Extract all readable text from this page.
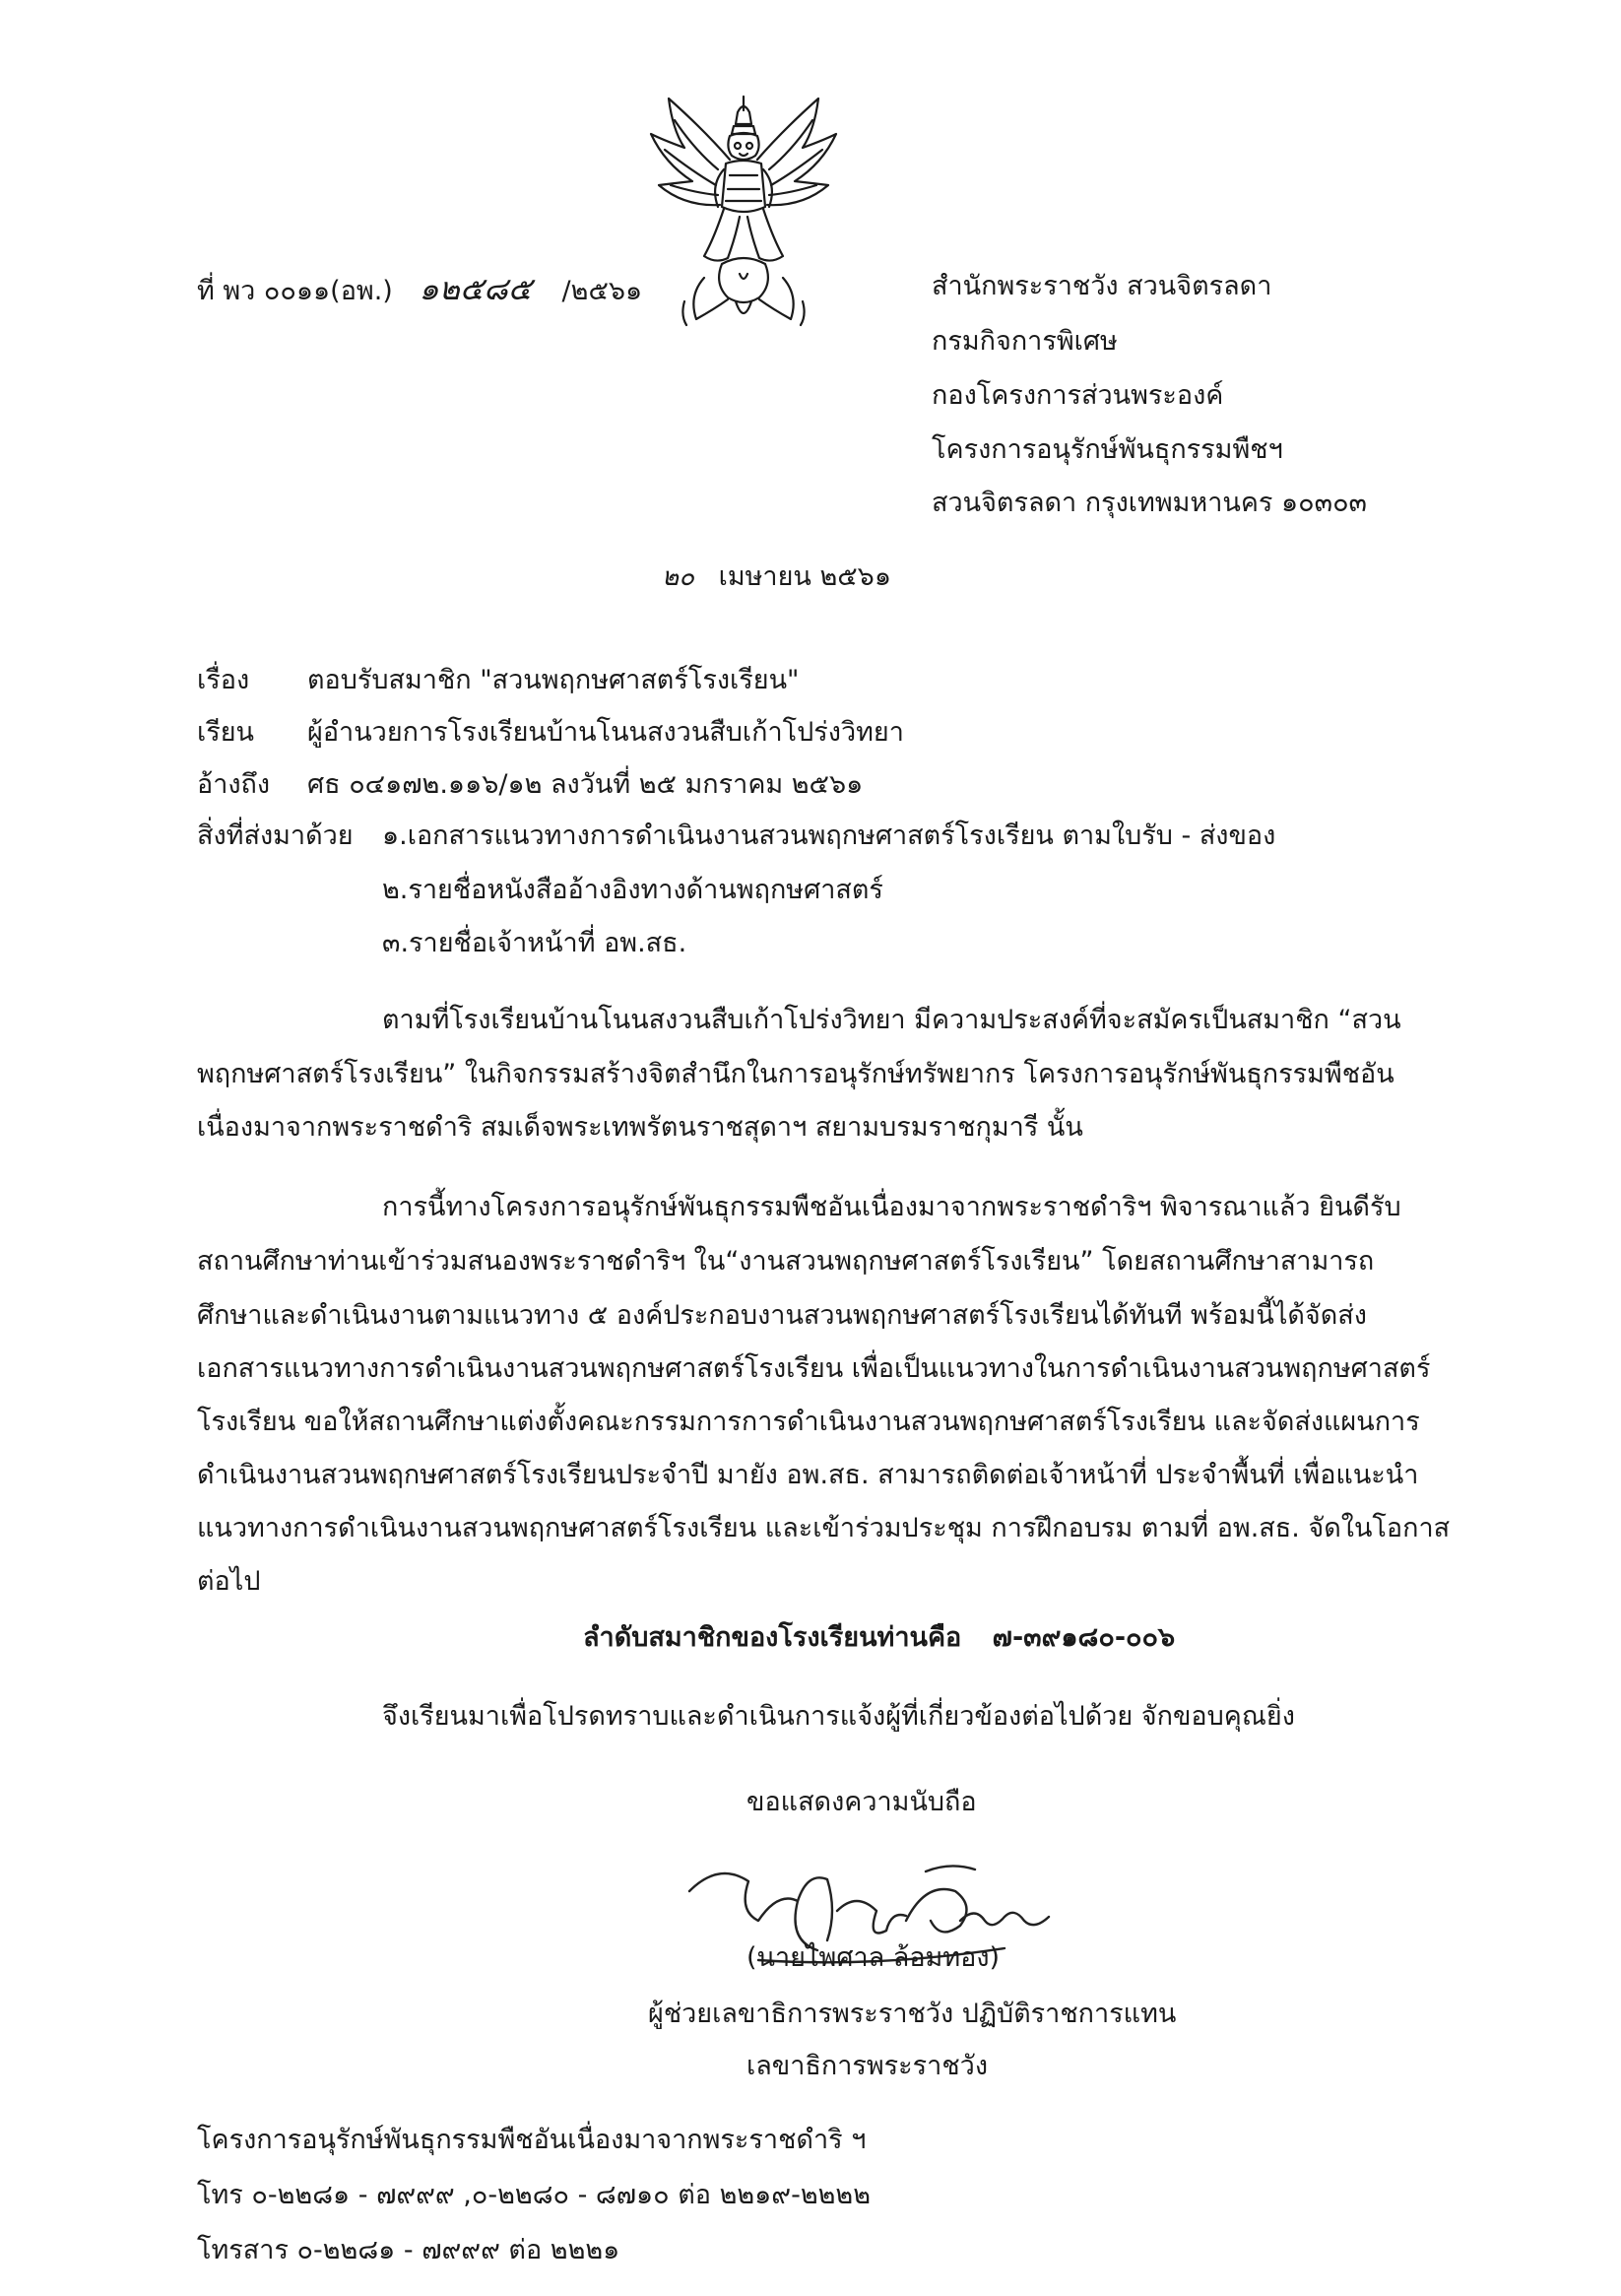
ที่ พว ๐๐๑๑(อพ.) ๑๒๕๘๕ /๒๕๖๑	สำนักพระราชวัง สวนจิตรลดา
กรมกิจการพิเศษ
กองโครงการส่วนพระองค์
โครงการอนุรักษ์พันธุกรรมพืชฯ
สวนจิตรลดา กรุงเทพมหานคร ๑๐๓๐๓
๒๐ เมษายน ๒๕๖๑
เรื่อง ตอบรับสมาชิก "สวนพฤกษศาสตร์โรงเรียน"
เรียน ผู้อำนวยการโรงเรียนบ้านโนนสงวนสืบเก้าโปร่งวิทยา
อ้างถึง ศธ ๐๔๑๗๒.๑๑๖/๑๒ ลงวันที่ ๒๕ มกราคม ๒๕๖๑
สิ่งที่ส่งมาด้วย ๑.เอกสารแนวทางการดำเนินงานสวนพฤกษศาสตร์โรงเรียน ตามใบรับ - ส่งของ
๒.รายชื่อหนังสืออ้างอิงทางด้านพฤกษศาสตร์
๓.รายชื่อเจ้าหน้าที่ อพ.สธ.
ตามที่โรงเรียนบ้านโนนสงวนสืบเก้าโปร่งวิทยา มีความประสงค์ที่จะสมัครเป็นสมาชิก “สวน
พฤกษศาสตร์โรงเรียน” ในกิจกรรมสร้างจิตสำนึกในการอนุรักษ์ทรัพยากร โครงการอนุรักษ์พันธุกรรมพืชอัน
เนื่องมาจากพระราชดำริ สมเด็จพระเทพรัตนราชสุดาฯ สยามบรมราชกุมารี นั้น
การนี้ทางโครงการอนุรักษ์พันธุกรรมพืชอันเนื่องมาจากพระราชดำริฯ พิจารณาแล้ว ยินดีรับ
สถานศึกษาท่านเข้าร่วมสนองพระราชดำริฯ ใน“งานสวนพฤกษศาสตร์โรงเรียน” โดยสถานศึกษาสามารถ
ศึกษาและดำเนินงานตามแนวทาง ๕ องค์ประกอบงานสวนพฤกษศาสตร์โรงเรียนได้ทันที พร้อมนี้ได้จัดส่ง
เอกสารแนวทางการดำเนินงานสวนพฤกษศาสตร์โรงเรียน เพื่อเป็นแนวทางในการดำเนินงานสวนพฤกษศาสตร์
โรงเรียน ขอให้สถานศึกษาแต่งตั้งคณะกรรมการการดำเนินงานสวนพฤกษศาสตร์โรงเรียน และจัดส่งแผนการ
ดำเนินงานสวนพฤกษศาสตร์โรงเรียนประจำปี มายัง อพ.สธ. สามารถติดต่อเจ้าหน้าที่ ประจำพื้นที่ เพื่อแนะนำ
แนวทางการดำเนินงานสวนพฤกษศาสตร์โรงเรียน และเข้าร่วมประชุม การฝึกอบรม ตามที่ อพ.สธ. จัดในโอกาส
ต่อไป
ลำดับสมาชิกของโรงเรียนท่านคือ ๗-๓๙๑๘๐-๐๐๖
จึงเรียนมาเพื่อโปรดทราบและดำเนินการแจ้งผู้ที่เกี่ยวข้องต่อไปด้วย จักขอบคุณยิ่ง
ขอแสดงความนับถือ
(นายไพศาล ล้อมทอง)
ผู้ช่วยเลขาธิการพระราชวัง ปฏิบัติราชการแทน
เลขาธิการพระราชวัง
โครงการอนุรักษ์พันธุกรรมพืชอันเนื่องมาจากพระราชดำริ ฯ
โทร ๐-๒๒๘๑ - ๗๙๙๙ ,๐-๒๒๘๐ - ๘๗๑๐ ต่อ ๒๒๑๙-๒๒๒๒
โทรสาร ๐-๒๒๘๑ - ๗๙๙๙ ต่อ ๒๒๒๑
